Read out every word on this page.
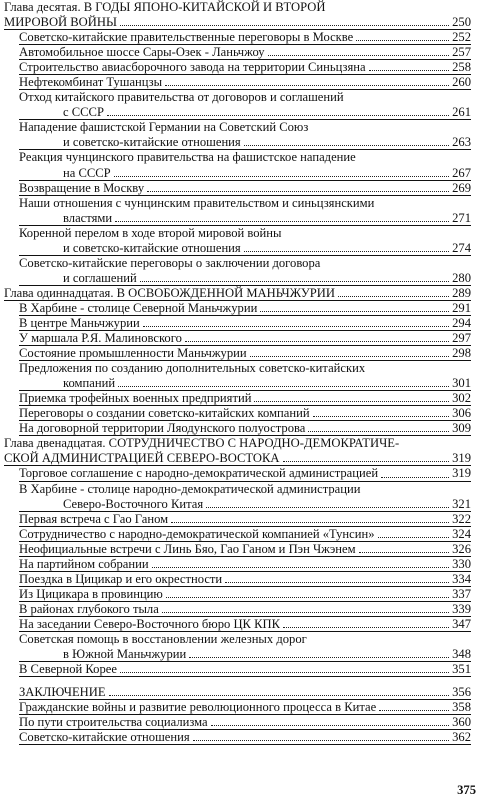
Глава десятая. В ГОДЫ ЯПОНО-КИТАЙСКОЙ И ВТОРОЙ
МИРОВОЙ ВОЙНЫ	250
Советско-китайские правительственные переговоры в Москве	252
Автомобильное шоссе Сары-Озек - Ланьчжоу	257
Строительство авиасборочного завода на территории Синьцзяна	258
Нефтекомбинат Тушанцзы	260
Отход китайского правительства от договоров и соглашений
с СССР	261
Нападение фашистской Германии на Советский Союз
и советско-китайские отношения	263
Реакция чунцинского правительства на фашистское нападение
на СССР	267
Возвращение в Москву	269
Наши отношения с чунцинским правительством и синьцзянскими
властями	271
Коренной перелом в ходе второй мировой войны
и советско-китайские отношения	274
Советско-китайские переговоры о заключении договора
и соглашений	280
Глава одиннадцатая. В ОСВОБОЖДЕННОЙ МАНЬЧЖУРИИ	289
В Харбине - столице Северной Маньчжурии	291
В центре Маньчжурии	294
У маршала Р.Я. Малиновского	297
Состояние промышленности Маньчжурии	298
Предложения по созданию дополнительных советско-китайских
компаний	301
Приемка трофейных военных предприятий	302
Переговоры о создании советско-китайских компаний	306
На договорной территории Ляодунского полуострова	309
Глава двенадцатая. СОТРУДНИЧЕСТВО С НАРОДНО-ДЕМОКРАТИЧЕ-
СКОЙ АДМИНИСТРАЦИЕЙ СЕВЕРО-ВОСТОКА	319
Торговое соглашение с народно-демократической администрацией	319
В Харбине - столице народно-демократической администрации
Северо-Восточного Китая	321
Первая встреча с Гао Ганом	322
Сотрудничество с народно-демократической компанией «Тунсин»	324
Неофициальные встречи с Линь Бяо, Гао Ганом и Пэн Чжэнем	326
На партийном собрании	330
Поездка в Цицикар и его окрестности	334
Из Цицикара в провинцию	337
В районах глубокого тыла	339
На заседании Северо-Восточного бюро ЦК КПК	347
Советская помощь в восстановлении железных дорог
в Южной Маньчжурии	348
В Северной Корее	351
ЗАКЛЮЧЕНИЕ	356
Гражданские войны и развитие революционного процесса в Китае	358
По пути строительства социализма	360
Советско-китайские отношения	362
375
